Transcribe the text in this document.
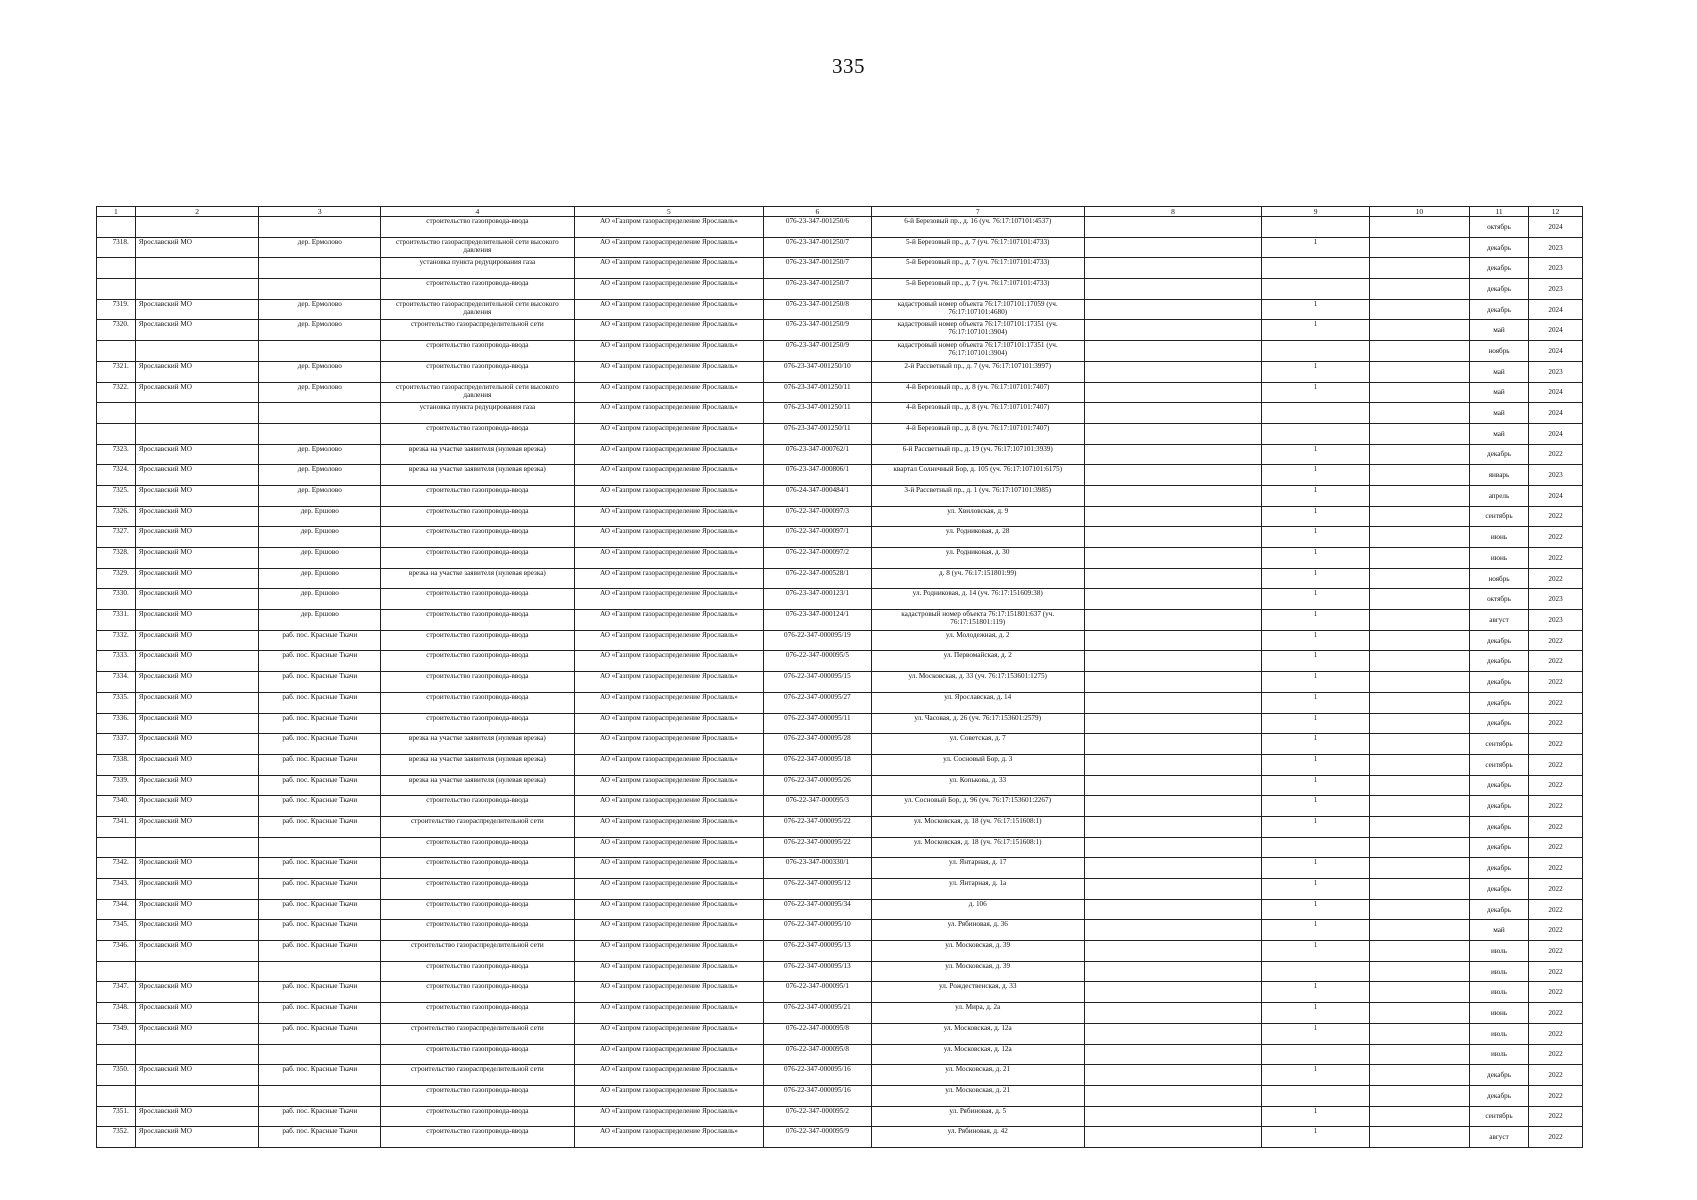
335
1	2	3	4	5	6	7	8	9	10	11	12
			строительство газопровода-ввода	АО «Газпром газораспределение Ярославль»	076-23-347-001250/6	6-й Березовый пр., д. 16 (уч. 76:17:107101:4537)				октябрь	2024
7318.	Ярославский МО	дер. Ермолово	строительство газораспределительной сети высокого давления	АО «Газпром газораспределение Ярославль»	076-23-347-001250/7	5-й Березовый пр., д. 7 (уч. 76:17:107101:4733)		1		декабрь	2023
			установка пункта редуцирования газа	АО «Газпром газораспределение Ярославль»	076-23-347-001250/7	5-й Березовый пр., д. 7 (уч. 76:17:107101:4733)				декабрь	2023
			строительство газопровода-ввода	АО «Газпром газораспределение Ярославль»	076-23-347-001250/7	5-й Березовый пр., д. 7 (уч. 76:17:107101:4733)				декабрь	2023
7319.	Ярославский МО	дер. Ермолово	строительство газораспределительной сети высокого давления	АО «Газпром газораспределение Ярославль»	076-23-347-001250/8	кадастровый номер объекта 76:17:107101:17059 (уч. 76:17:107101:4680)		1		декабрь	2024
7320.	Ярославский МО	дер. Ермолово	строительство газораспределительной сети	АО «Газпром газораспределение Ярославль»	076-23-347-001250/9	кадастровый номер объекта 76:17:107101:17351 (уч. 76:17:107101:3904)		1		май	2024
			строительство газопровода-ввода	АО «Газпром газораспределение Ярославль»	076-23-347-001250/9	кадастровый номер объекта 76:17:107101:17351 (уч. 76:17:107101:3904)				ноябрь	2024
7321.	Ярославский МО	дер. Ермолово	строительство газопровода-ввода	АО «Газпром газораспределение Ярославль»	076-23-347-001250/10	2-й Рассветный пр., д. 7 (уч. 76:17:107101:3997)		1		май	2023
7322.	Ярославский МО	дер. Ермолово	строительство газораспределительной сети высокого давления	АО «Газпром газораспределение Ярославль»	076-23-347-001250/11	4-й Березовый пр., д. 8 (уч. 76:17:107101:7407)		1		май	2024
			установка пункта редуцирования газа	АО «Газпром газораспределение Ярославль»	076-23-347-001250/11	4-й Березовый пр., д. 8 (уч. 76:17:107101:7407)				май	2024
			строительство газопровода-ввода	АО «Газпром газораспределение Ярославль»	076-23-347-001250/11	4-й Березовый пр., д. 8 (уч. 76:17:107101:7407)				май	2024
7323.	Ярославский МО	дер. Ермолово	врезка на участке заявителя (нулевая врезка)	АО «Газпром газораспределение Ярославль»	076-23-347-000762/1	6-й Рассветный пр., д. 19 (уч. 76:17:107101:3939)		1		декабрь	2022
7324.	Ярославский МО	дер. Ермолово	врезка на участке заявителя (нулевая врезка)	АО «Газпром газораспределение Ярославль»	076-23-347-000806/1	квартал Солнечный Бор, д. 105 (уч. 76:17:107101:6175)		1		январь	2023
7325.	Ярославский МО	дер. Ермолово	строительство газопровода-ввода	АО «Газпром газораспределение Ярославль»	076-24-347-000484/1	3-й Рассветный пр., д. 1 (уч. 76:17:107101:3985)		1		апрель	2024
7326.	Ярославский МО	дер. Ершово	строительство газопровода-ввода	АО «Газпром газораспределение Ярославль»	076-22-347-000097/3	ул. Хвиловская, д. 9		1		сентябрь	2022
7327.	Ярославский МО	дер. Ершово	строительство газопровода-ввода	АО «Газпром газораспределение Ярославль»	076-22-347-000097/1	ул. Родниковая, д. 28		1		июнь	2022
7328.	Ярославский МО	дер. Ершово	строительство газопровода-ввода	АО «Газпром газораспределение Ярославль»	076-22-347-000097/2	ул. Родниковая, д. 30		1		июнь	2022
7329.	Ярославский МО	дер. Ершово	врезка на участке заявителя (нулевая врезка)	АО «Газпром газораспределение Ярославль»	076-22-347-000528/1	д. 8 (уч. 76:17:151801:99)		1		ноябрь	2022
7330.	Ярославский МО	дер. Ершово	строительство газопровода-ввода	АО «Газпром газораспределение Ярославль»	076-23-347-000123/1	ул. Родниковая, д. 14 (уч. 76:17:151609:38)		1		октябрь	2023
7331.	Ярославский МО	дер. Ершово	строительство газопровода-ввода	АО «Газпром газораспределение Ярославль»	076-23-347-000124/1	кадастровый номер объекта 76:17:151801:637 (уч. 76:17:151801:119)		1		август	2023
7332.	Ярославский МО	раб. пос. Красные Ткачи	строительство газопровода-ввода	АО «Газпром газораспределение Ярославль»	076-22-347-000095/19	ул. Молодежная, д. 2		1		декабрь	2022
7333.	Ярославский МО	раб. пос. Красные Ткачи	строительство газопровода-ввода	АО «Газпром газораспределение Ярославль»	076-22-347-000095/5	ул. Первомайская, д. 2		1		декабрь	2022
7334.	Ярославский МО	раб. пос. Красные Ткачи	строительство газопровода-ввода	АО «Газпром газораспределение Ярославль»	076-22-347-000095/15	ул. Московская, д. 33 (уч. 76:17:153601:1275)		1		декабрь	2022
7335.	Ярославский МО	раб. пос. Красные Ткачи	строительство газопровода-ввода	АО «Газпром газораспределение Ярославль»	076-22-347-000095/27	ул. Ярославская, д. 14		1		декабрь	2022
7336.	Ярославский МО	раб. пос. Красные Ткачи	строительство газопровода-ввода	АО «Газпром газораспределение Ярославль»	076-22-347-000095/11	ул. Часовая, д. 26 (уч. 76:17:153601:2579)		1		декабрь	2022
7337.	Ярославский МО	раб. пос. Красные Ткачи	врезка на участке заявителя (нулевая врезка)	АО «Газпром газораспределение Ярославль»	076-22-347-000095/28	ул. Советская, д. 7		1		сентябрь	2022
7338.	Ярославский МО	раб. пос. Красные Ткачи	врезка на участке заявителя (нулевая врезка)	АО «Газпром газораспределение Ярославль»	076-22-347-000095/18	ул. Сосновый Бор, д. 3		1		сентябрь	2022
7339.	Ярославский МО	раб. пос. Красные Ткачи	врезка на участке заявителя (нулевая врезка)	АО «Газпром газораспределение Ярославль»	076-22-347-000095/26	ул. Копькова, д. 33		1		декабрь	2022
7340.	Ярославский МО	раб. пос. Красные Ткачи	строительство газопровода-ввода	АО «Газпром газораспределение Ярославль»	076-22-347-000095/3	ул. Сосновый Бор, д. 96 (уч. 76:17:153601:2267)		1		декабрь	2022
7341.	Ярославский МО	раб. пос. Красные Ткачи	строительство газораспределительной сети	АО «Газпром газораспределение Ярославль»	076-22-347-000095/22	ул. Московская, д. 18 (уч. 76:17:151608:1)		1		декабрь	2022
			строительство газопровода-ввода	АО «Газпром газораспределение Ярославль»	076-22-347-000095/22	ул. Московская, д. 18 (уч. 76:17:151608:1)				декабрь	2022
7342.	Ярославский МО	раб. пос. Красные Ткачи	строительство газопровода-ввода	АО «Газпром газораспределение Ярославль»	076-23-347-000330/1	ул. Янтарная, д. 17		1		декабрь	2022
7343.	Ярославский МО	раб. пос. Красные Ткачи	строительство газопровода-ввода	АО «Газпром газораспределение Ярославль»	076-22-347-000095/12	ул. Янтарная, д. 1а		1		декабрь	2022
7344.	Ярославский МО	раб. пос. Красные Ткачи	строительство газопровода-ввода	АО «Газпром газораспределение Ярославль»	076-22-347-000095/34	д. 106		1		декабрь	2022
7345.	Ярославский МО	раб. пос. Красные Ткачи	строительство газопровода-ввода	АО «Газпром газораспределение Ярославль»	076-22-347-000095/10	ул. Рябиновая, д. 36		1		май	2022
7346.	Ярославский МО	раб. пос. Красные Ткачи	строительство газораспределительной сети	АО «Газпром газораспределение Ярославль»	076-22-347-000095/13	ул. Московская, д. 39		1		июль	2022
			строительство газопровода-ввода	АО «Газпром газораспределение Ярославль»	076-22-347-000095/13	ул. Московская, д. 39				июль	2022
7347.	Ярославский МО	раб. пос. Красные Ткачи	строительство газопровода-ввода	АО «Газпром газораспределение Ярославль»	076-22-347-000095/1	ул. Рождественская, д. 33		1		июль	2022
7348.	Ярославский МО	раб. пос. Красные Ткачи	строительство газопровода-ввода	АО «Газпром газораспределение Ярославль»	076-22-347-000095/21	ул. Мира, д. 2а		1		июнь	2022
7349.	Ярославский МО	раб. пос. Красные Ткачи	строительство газораспределительной сети	АО «Газпром газораспределение Ярославль»	076-22-347-000095/8	ул. Московская, д. 12а		1		июль	2022
			строительство газопровода-ввода	АО «Газпром газораспределение Ярославль»	076-22-347-000095/8	ул. Московская, д. 12а				июль	2022
7350.	Ярославский МО	раб. пос. Красные Ткачи	строительство газораспределительной сети	АО «Газпром газораспределение Ярославль»	076-22-347-000095/16	ул. Московская, д. 21		1		декабрь	2022
			строительство газопровода-ввода	АО «Газпром газораспределение Ярославль»	076-22-347-000095/16	ул. Московская, д. 21				декабрь	2022
7351.	Ярославский МО	раб. пос. Красные Ткачи	строительство газопровода-ввода	АО «Газпром газораспределение Ярославль»	076-22-347-000095/2	ул. Рябиновая, д. 5		1		сентябрь	2022
7352.	Ярославский МО	раб. пос. Красные Ткачи	строительство газопровода-ввода	АО «Газпром газораспределение Ярославль»	076-22-347-000095/9	ул. Рябиновая, д. 42		1		август	2022
